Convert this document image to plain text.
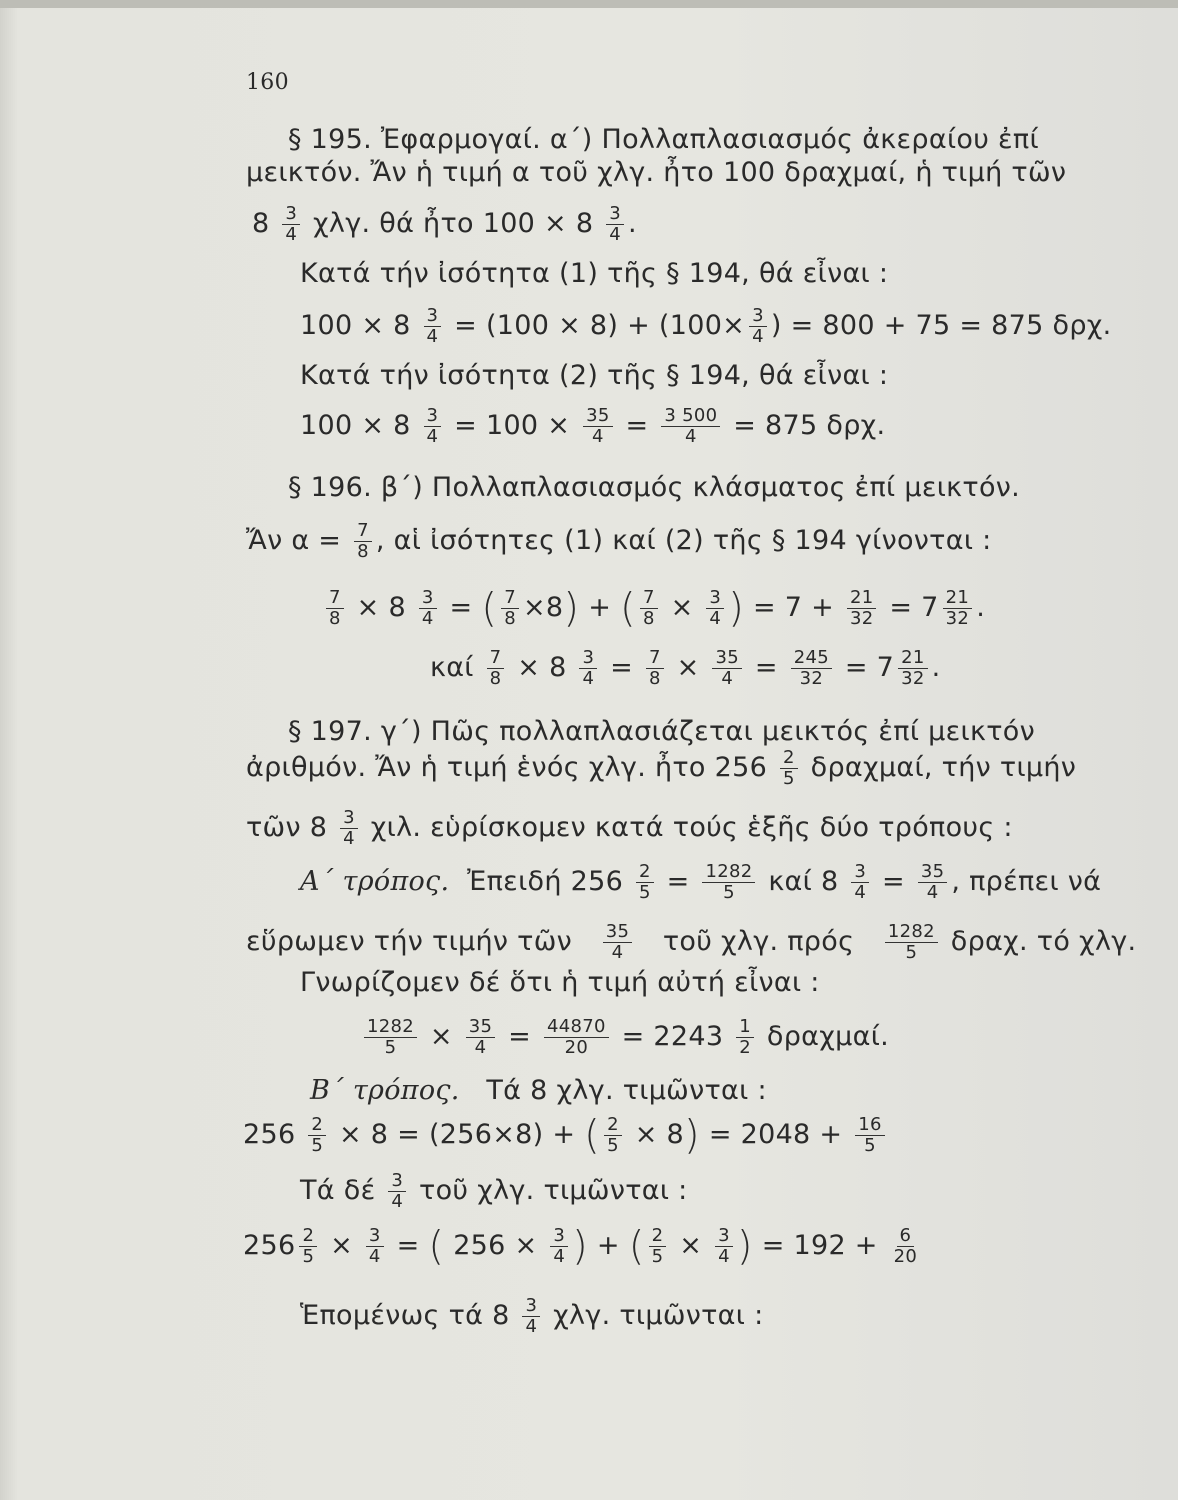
160
§ 195. Ἐφαρμογαί. α΄) Πολλαπλασιασμός ἀκεραίου ἐπί
μεικτόν. Ἄν ἡ τιμή α τοῦ χλγ. ἦτο 100 δραχμαί, ἡ τιμή τῶν
$8 \frac{3}{4} \chi\lambda\gamma$. θά ἦτο $100 \times 8 \frac{3}{4}$ .
Κατά τήν ἰσότητα (1) τῆς § 194, θά εἶναι :
$100 \times 8 \frac{3}{4} = (100 \times 8) + (100\times \frac{3}{4}$ ) = 800 + 75 = 875 δρχ.
Κατά τήν ἰσότητα (2) τῆς § 194, θά εἶναι :
$100 \times 8 \frac{3}{4} = 100 \times \frac{35}{4} = \frac{3 500}{4} = 875$ δρχ.
§ 196. β΄) Πολλαπλασιασμός κλάσματος ἐπί μεικτόν.
Ἄν $\alpha = \frac{7}{8}$ , αἱ ἰσότητες (1) καί (2) τῆς § 194 γίνονται :
$\frac{7}{8} \times 8 \frac{3}{4}$ = ( $\frac{7}{8} \times 8$) + ( $\frac{7}{8} \times \frac{3}{4}$ ) = $7 + \frac{21}{32} = 7 \frac{21}{32}$ .
καί $\frac{7}{8} \times 8 \frac{3}{4} = \frac{7}{8} \times \frac{35}{4} = \frac{245}{32} = 7 \frac{21}{32}$ .
§ 197. γ΄) Πῶς πολλαπλασιάζεται μεικτός ἐπί μεικτόν
ἀριθμόν. Ἄν ἡ τιμή ἑνός χλγ. ἦτο $256 \frac{2}{5} \delta\rho\alpha\chi\mu\alpha ί$, τήν τιμήν
τῶν $8 \frac{3}{4} \chi\iota\lambda$. εὑρίσκομεν κατά τούς ἑξῆς δύο τρόπους :
Α΄ τρόπος. Ἐπειδή $256 \frac{2}{5} = \frac{1282}{5}$ καί $8 \frac{3}{4} = \frac{35}{4}$ , πρέπει νά
εὕρωμεν τήν τιμήν τῶν $\frac{35}{4}$ τοῦ χλγ. πρός $\frac{1282}{5} \delta\rho\alpha\chi$. τό χλγ.
Γνωρίζομεν δέ ὅτι ἡ τιμή αὐτή εἶναι :
$\frac{1282}{5} \times \frac{35}{4} = \frac{44870}{20} = 2243 \frac{1}{2} \delta\rho\alpha\chi\mu\alpha ί$.
Β΄ τρόπος. Τά 8 χλγ. τιμῶνται :
$256 \frac{2}{5} \times 8 = (256\times 8)$ + ( $\frac{2}{5} \times 8) = 2048 + \frac{16}{5}$
Τά δέ $\frac{3}{4}$ τοῦ χλγ. τιμῶνται :
$256 \frac{2}{5} \times \frac{3}{4}$ = ( $256 \times \frac{3}{4}$ ) + ( $\frac{2}{5} \times \frac{3}{4}$ ) = $192 + \frac{6}{20}$
Ἑπομένως τά $8 \frac{3}{4} \chi\lambda\gamma$. τιμῶνται :
